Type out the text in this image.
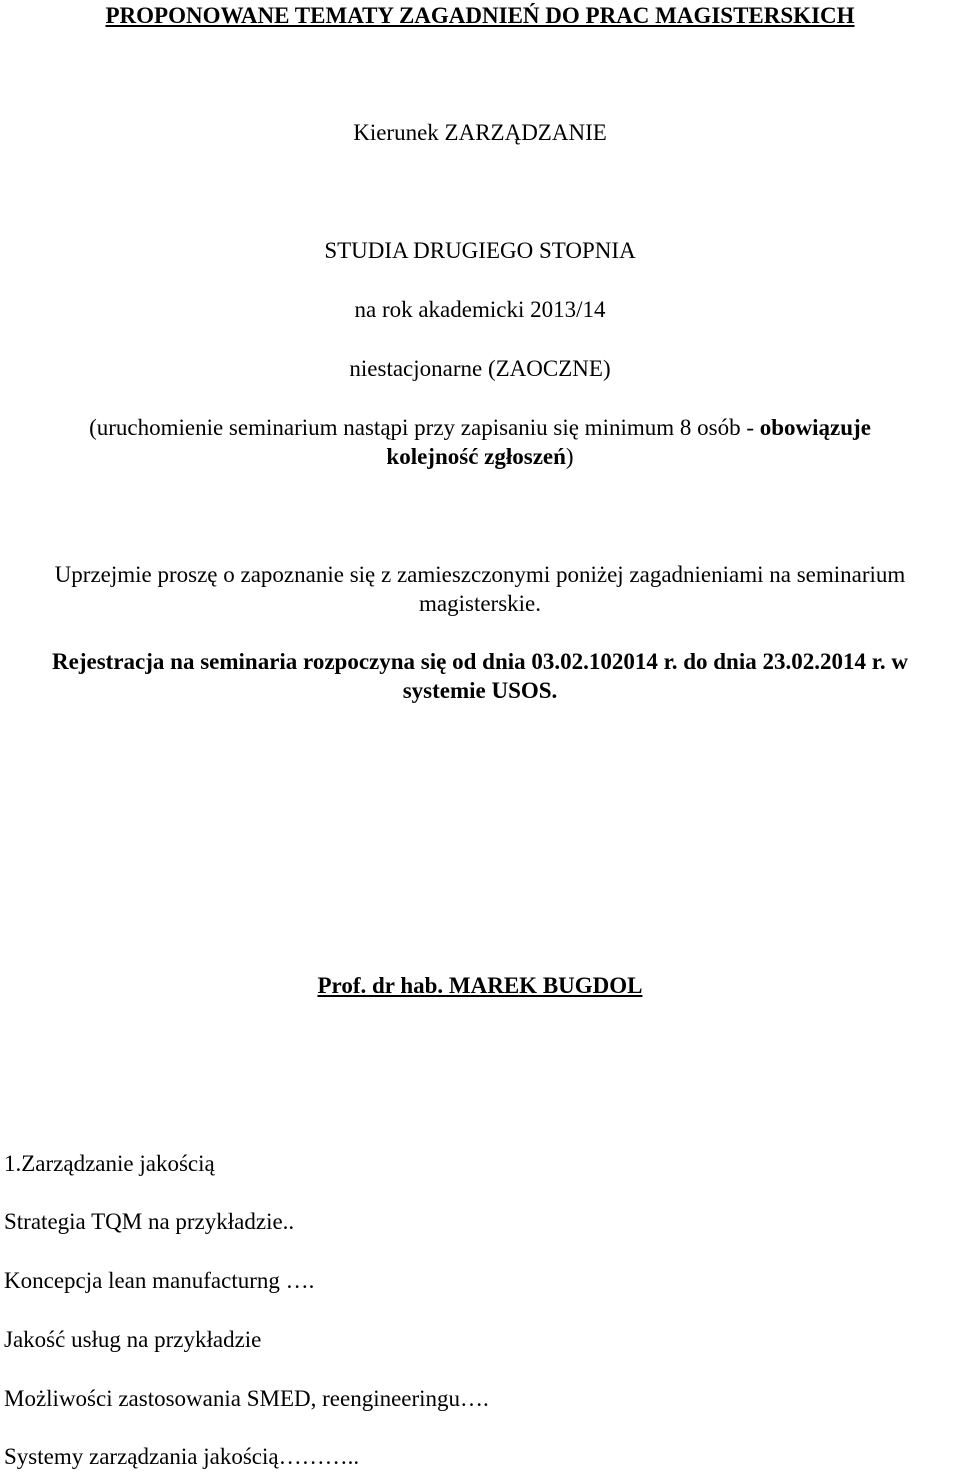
PROPONOWANE TEMATY ZAGADNIEŃ DO PRAC MAGISTERSKICH
Kierunek ZARZĄDZANIE
STUDIA DRUGIEGO STOPNIA
na rok akademicki 2013/14
niestacjonarne (ZAOCZNE)
(uruchomienie seminarium nastąpi przy zapisaniu się minimum 8 osób - obowiązuje
kolejność zgłoszeń)
Uprzejmie proszę o zapoznanie się z zamieszczonymi poniżej zagadnieniami na seminarium
magisterskie.
Rejestracja na seminaria rozpoczyna się od dnia 03.02.102014 r. do dnia 23.02.2014 r. w
systemie USOS.
Prof. dr hab. MAREK BUGDOL
1.Zarządzanie jakością
Strategia TQM na przykładzie..
Koncepcja lean manufacturng ….
Jakość usług na przykładzie
Możliwości zastosowania SMED, reengineeringu….
Systemy zarządzania jakością………..
